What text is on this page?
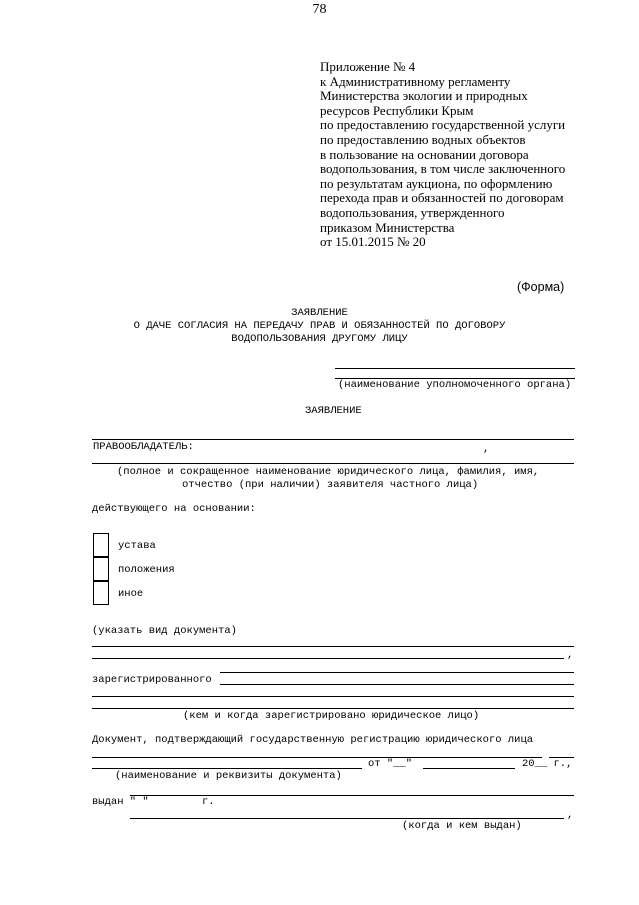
78
Приложение № 4
к Административному регламенту
Министерства экологии и природных
ресурсов Республики Крым
по предоставлению государственной услуги
по предоставлению водных объектов
в пользование на основании договора
водопользования, в том числе заключенного
по результатам аукциона, по оформлению
перехода прав и обязанностей по договорам
водопользования, утвержденного
приказом Министерства
от 15.01.2015 № 20
(Форма)
ЗАЯВЛЕНИЕ
О ДАЧЕ СОГЛАСИЯ НА ПЕРЕДАЧУ ПРАВ И ОБЯЗАННОСТЕЙ ПО ДОГОВОРУ
ВОДОПОЛЬЗОВАНИЯ ДРУГОМУ ЛИЦУ
(наименование уполномоченного органа)
ЗАЯВЛЕНИЕ
ПРАВООБЛАДАТЕЛЬ:	,
(полное и сокращенное наименование юридического лица, фамилия, имя,
отчество (при наличии) заявителя частного лица)
действующего на основании:
устава
положения
иное
(указать вид документа)
,
зарегистрированного
(кем и когда зарегистрировано юридическое лицо)
Документ, подтверждающий государственную регистрацию юридического лица
от "__"	20__ г.,
(наименование и реквизиты документа)
выдан " "	г.
,
(когда и кем выдан)
